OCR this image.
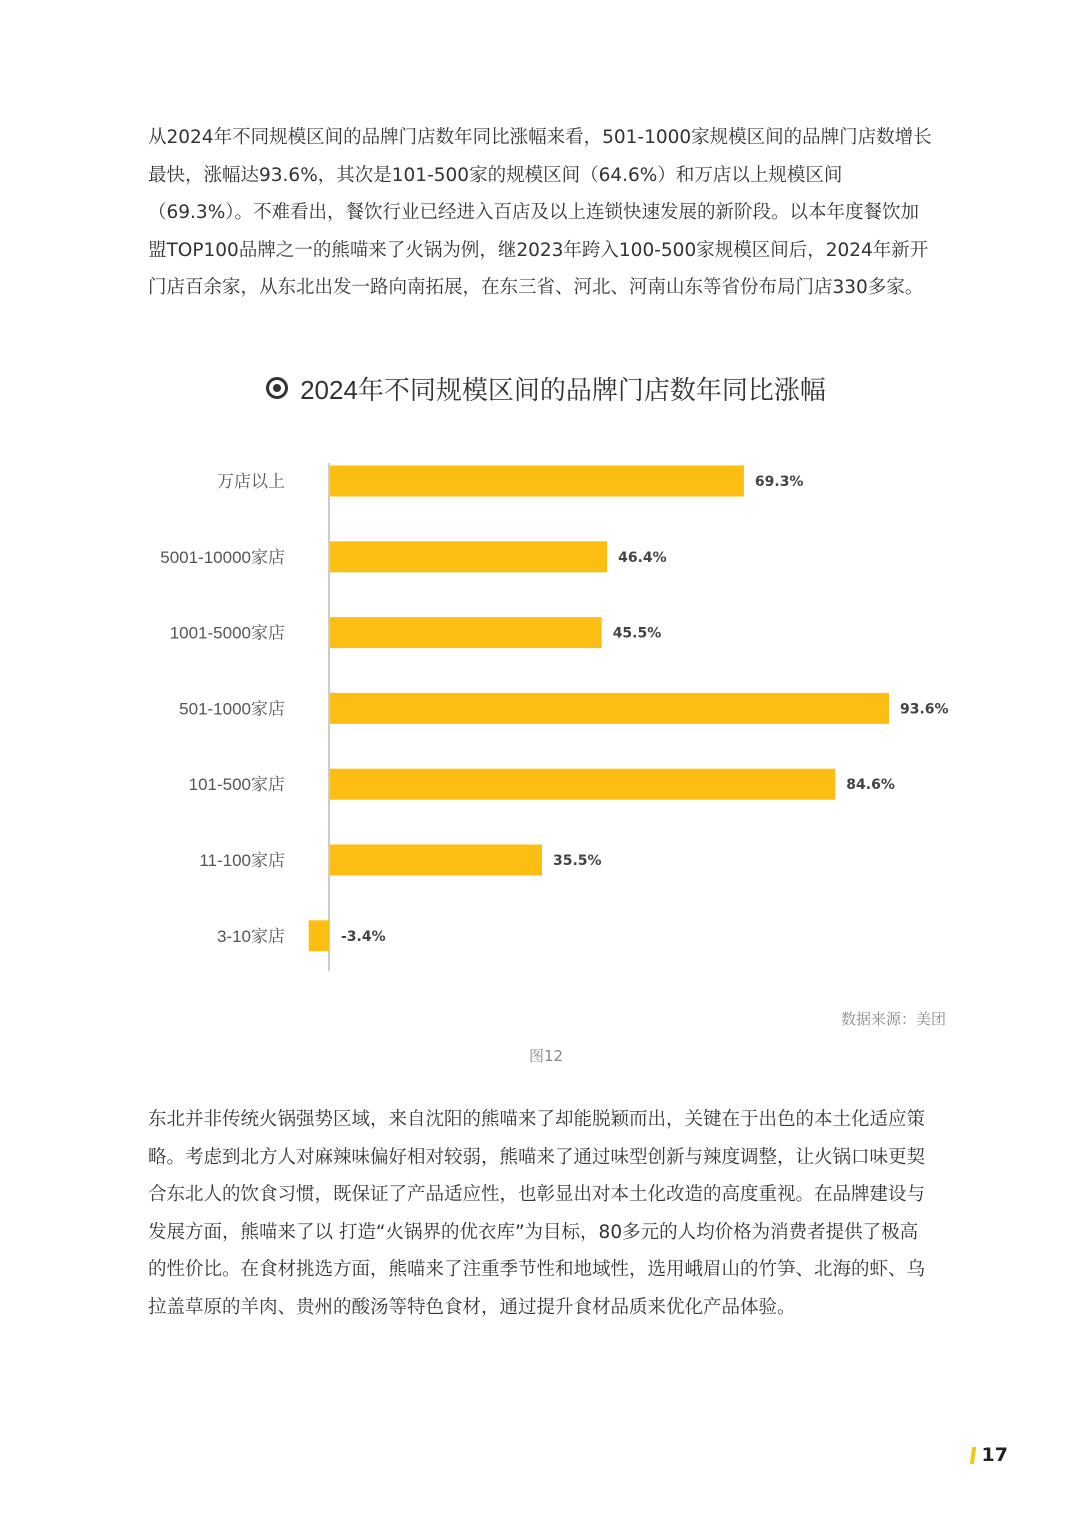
从2024年不同规模区间的品牌门店数年同比涨幅来看，501-1000家规模区间的品牌门店数增长
最快，涨幅达93.6%，其次是101-500家的规模区间（64.6%）和万店以上规模区间
（69.3%）。不难看出，餐饮行业已经进入百店及以上连锁快速发展的新阶段。以本年度餐饮加
盟TOP100品牌之一的熊喵来了火锅为例，继2023年跨入100-500家规模区间后，2024年新开
门店百余家，从东北出发一路向南拓展，在东三省、河北、河南山东等省份布局门店330多家。
2024年不同规模区间的品牌门店数年同比涨幅
万店以上	69.3%
5001-10000家店	46.4%
1001-5000家店	45.5%
501-1000家店	93.6%
101-500家店	84.6%
11-100家店	35.5%
3-10家店	-3.4%
数据来源：美团
图12
东北并非传统火锅强势区域，来自沈阳的熊喵来了却能脱颖而出，关键在于出色的本土化适应策
略。考虑到北方人对麻辣味偏好相对较弱，熊喵来了通过味型创新与辣度调整，让火锅口味更契
合东北人的饮食习惯，既保证了产品适应性，也彰显出对本土化改造的高度重视。在品牌建设与
发展方面，熊喵来了以 打造“火锅界的优衣库”为目标，80多元的人均价格为消费者提供了极高
的性价比。在食材挑选方面，熊喵来了注重季节性和地域性，选用峨眉山的竹笋、北海的虾、乌
拉盖草原的羊肉、贵州的酸汤等特色食材，通过提升食材品质来优化产品体验。
17
